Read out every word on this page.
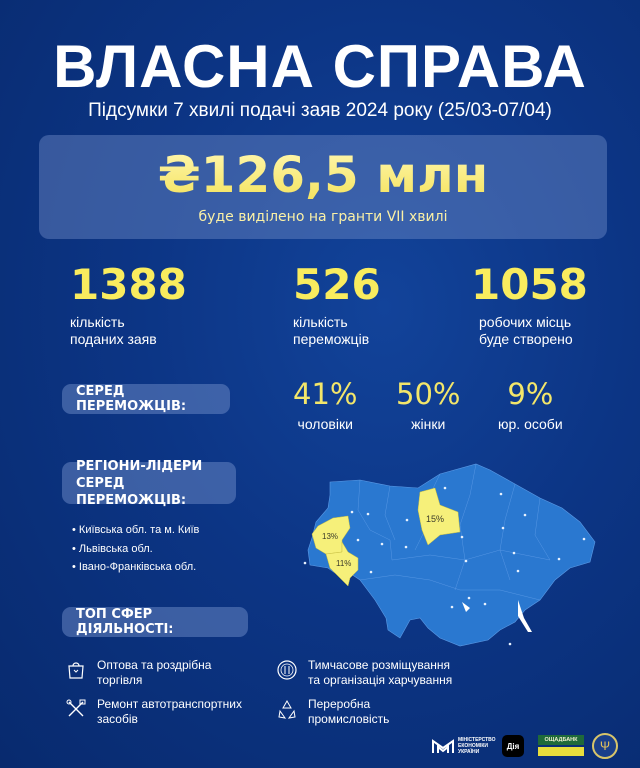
ВЛАСНА СПРАВА
Підсумки 7 хвилі подачі заяв 2024 року (25/03-07/04)
₴126,5 млн
буде виділено на гранти VII хвилі
1388
кількість
поданих заяв
526
кількість
переможців
1058
робочих місць
буде створено
СЕРЕД ПЕРЕМОЖЦІВ:	41%
чоловіки
50%
жінки
9%
юр. особи
РЕГІОНИ-ЛІДЕРИ
СЕРЕД ПЕРЕМОЖЦІВ:
• Київська обл. та м. Київ
• Львівська обл.
• Івано-Франківська обл.
15%
13%
11%
ТОП СФЕР ДІЯЛЬНОСТІ:
Оптова та роздрібна
торгівля
Тимчасове розміщування
та організація харчування
Ремонт автотранспортних
засобів
Переробна
промисловість
МІНІСТЕРСТВО
ЕКОНОМІКИ
УКРАЇНИ
Дія
ОЩАДБАНК	Ψ
